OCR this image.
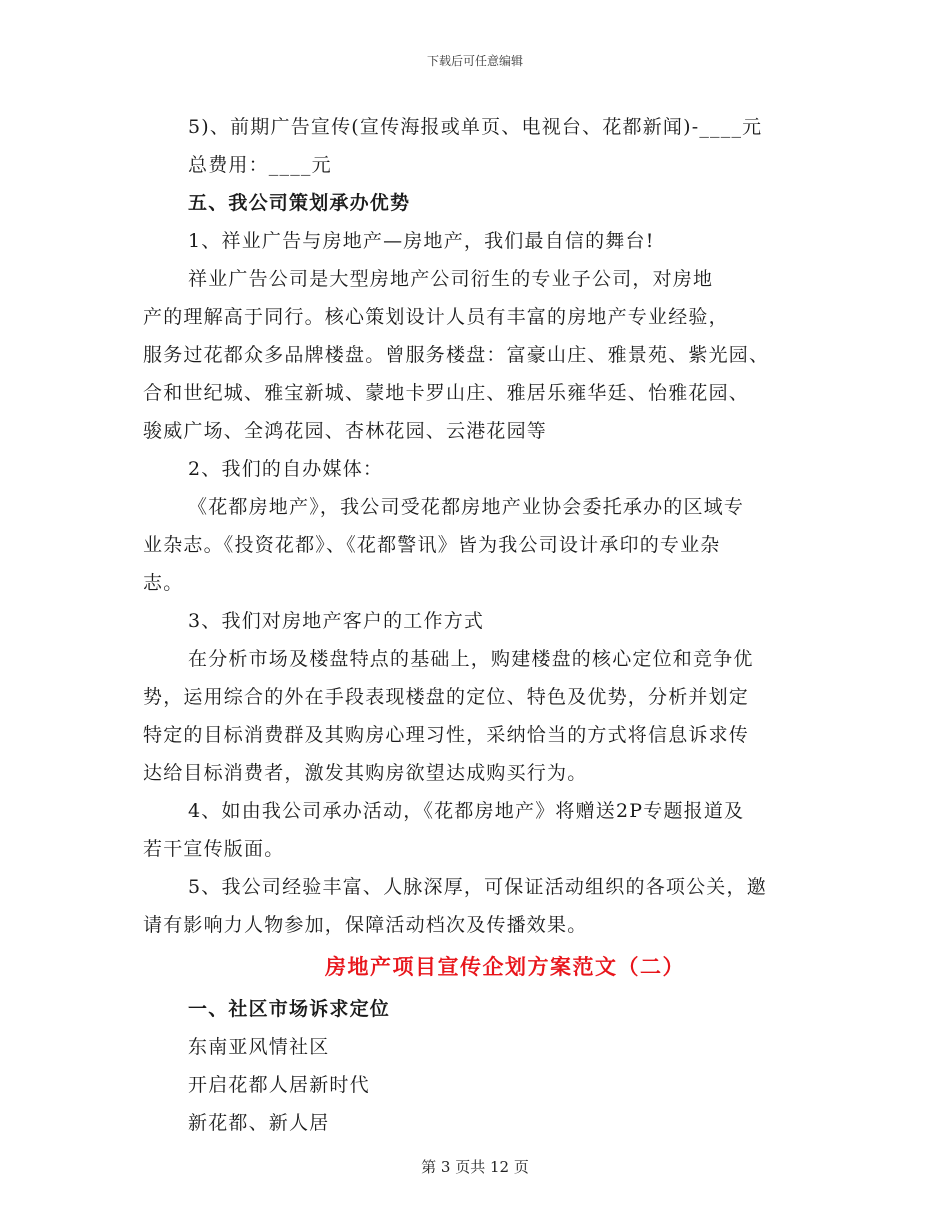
下载后可任意编辑
5)、前期广告宣传(宣传海报或单页、电视台、花都新闻)-____元
总费用：____元
五、我公司策划承办优势
1、祥业广告与房地产—房地产，我们最自信的舞台!
祥业广告公司是大型房地产公司衍生的专业子公司，对房地
产的理解高于同行。核心策划设计人员有丰富的房地产专业经验，
服务过花都众多品牌楼盘。曾服务楼盘：富豪山庄、雅景苑、紫光园、
合和世纪城、雅宝新城、蒙地卡罗山庄、雅居乐雍华廷、怡雅花园、
骏威广场、全鸿花园、杏林花园、云港花园等
2、我们的自办媒体：
《花都房地产》，我公司受花都房地产业协会委托承办的区域专
业杂志。《投资花都》、《花都警讯》皆为我公司设计承印的专业杂
志。
3、我们对房地产客户的工作方式
在分析市场及楼盘特点的基础上，购建楼盘的核心定位和竞争优
势，运用综合的外在手段表现楼盘的定位、特色及优势，分析并划定
特定的目标消费群及其购房心理习性，采纳恰当的方式将信息诉求传
达给目标消费者，激发其购房欲望达成购买行为。
4、如由我公司承办活动，《花都房地产》将赠送2P专题报道及
若干宣传版面。
5、我公司经验丰富、人脉深厚，可保证活动组织的各项公关，邀
请有影响力人物参加，保障活动档次及传播效果。
房地产项目宣传企划方案范文（二）
一、社区市场诉求定位
东南亚风情社区
开启花都人居新时代
新花都、新人居
第 3 页共 12 页
